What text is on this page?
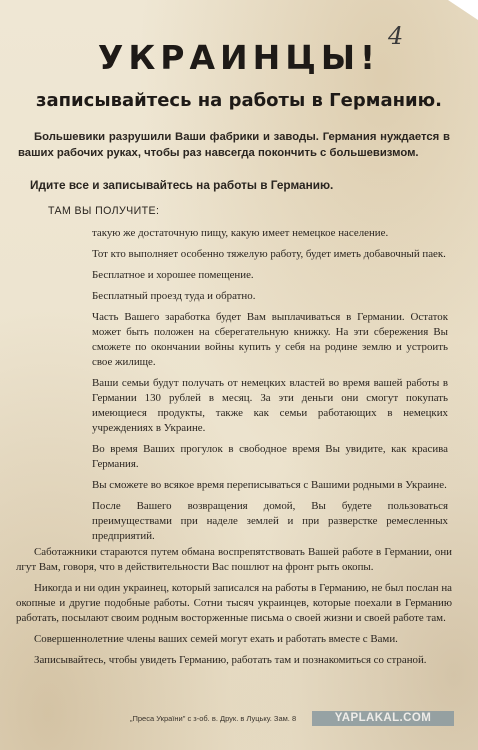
4

УКРАИНЦЫ!
записывайтесь на работы в Германию.

Большевики разрушили Ваши фабрики и заводы. Германия нуждается в ваших рабочих руках, чтобы раз навсегда покончить с большевизмом.

Идите все и записывайтесь на работы в Германию.

ТАМ ВЫ ПОЛУЧИТЕ:

такую же достаточную пищу, какую имеет немецкое население.

Тот кто выполняет особенно тяжелую работу, будет иметь добавочный паек.

Бесплатное и хорошее помещение.

Бесплатный проезд туда и обратно.

Часть Вашего заработка будет Вам выплачиваться в Германии. Остаток может быть положен на сберегательную книжку. На эти сбережения Вы сможете по окончании войны купить у себя на родине землю и устроить свое жилище.

Ваши семьи будут получать от немецких властей во время вашей работы в Германии 130 рублей в месяц. За эти деньги они смогут покупать имеющиеся продукты, также как семьи работающих в немецких учреждениях в Украине.

Во время Ваших прогулок в свободное время Вы увидите, как красива Германия.

Вы сможете во всякое время переписываться с Вашими родными в Украине.

После Вашего возвращения домой, Вы будете пользоваться преимуществами при наделе землей и при разверстке ремесленных предприятий.

Саботажники стараются путем обмана воспрепятствовать Вашей работе в Германии, они лгут Вам, говоря, что в действительности Вас пошлют на фронт рыть окопы.

Никогда и ни один украинец, который записался на работы в Германию, не был послан на окопные и другие подобные работы. Сотни тысяч украинцев, которые поехали в Германию работать, посылают своим родным восторженные письма о своей жизни и своей работе там.

Совершеннолетние члены ваших семей могут ехать и работать вместе с Вами.

Записывайтесь, чтобы увидеть Германию, работать там и познакомиться со страной.

„Преса України" с з-об. в. Друк. в Луцьку. Зам. 8	YAPLAKAL.COM
